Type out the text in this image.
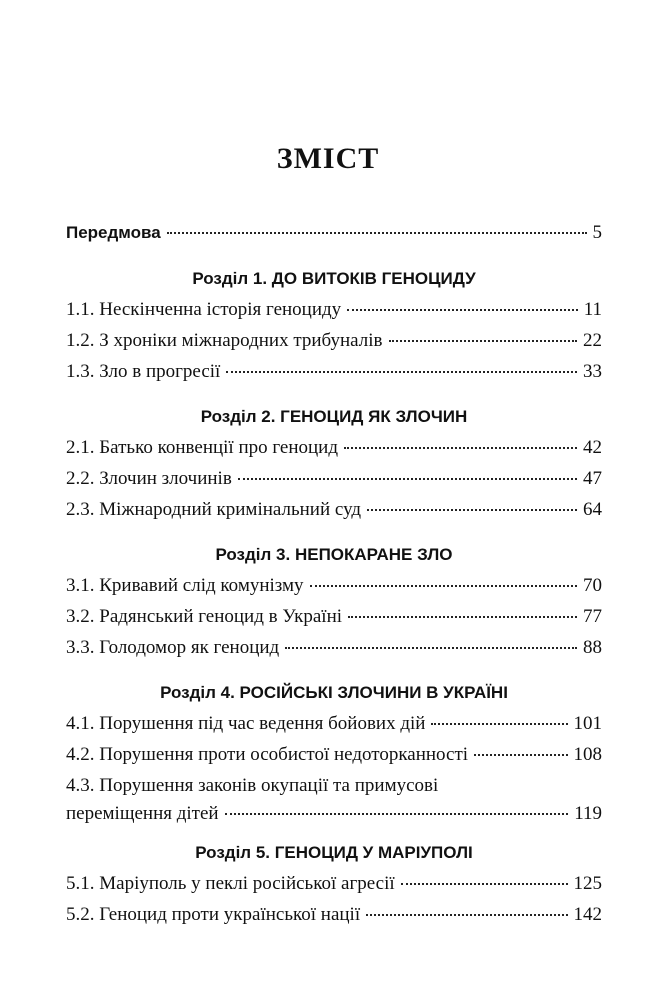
ЗМІСТ
Передмова	5
Розділ 1. ДО ВИТОКІВ ГЕНОЦИДУ
1.1. Нескінченна історія геноциду	11
1.2. З хроніки міжнародних трибуналів	22
1.3. Зло в прогресії	33
Розділ 2. ГЕНОЦИД ЯК ЗЛОЧИН
2.1. Батько конвенції про геноцид	42
2.2. Злочин злочинів	47
2.3. Міжнародний кримінальний суд	64
Розділ 3. НЕПОКАРАНЕ ЗЛО
3.1. Кривавий слід комунізму	70
3.2. Радянський геноцид в Україні	77
3.3. Голодомор як геноцид	88
Розділ 4. РОСІЙСЬКІ ЗЛОЧИНИ В УКРАЇНІ
4.1. Порушення під час ведення бойових дій	101
4.2. Порушення проти особистої недоторканності	108
4.3. Порушення законів окупації та примусові
переміщення дітей	119
Розділ 5. ГЕНОЦИД У МАРІУПОЛІ
5.1. Маріуполь у пеклі російської агресії	125
5.2. Геноцид проти української нації	142
